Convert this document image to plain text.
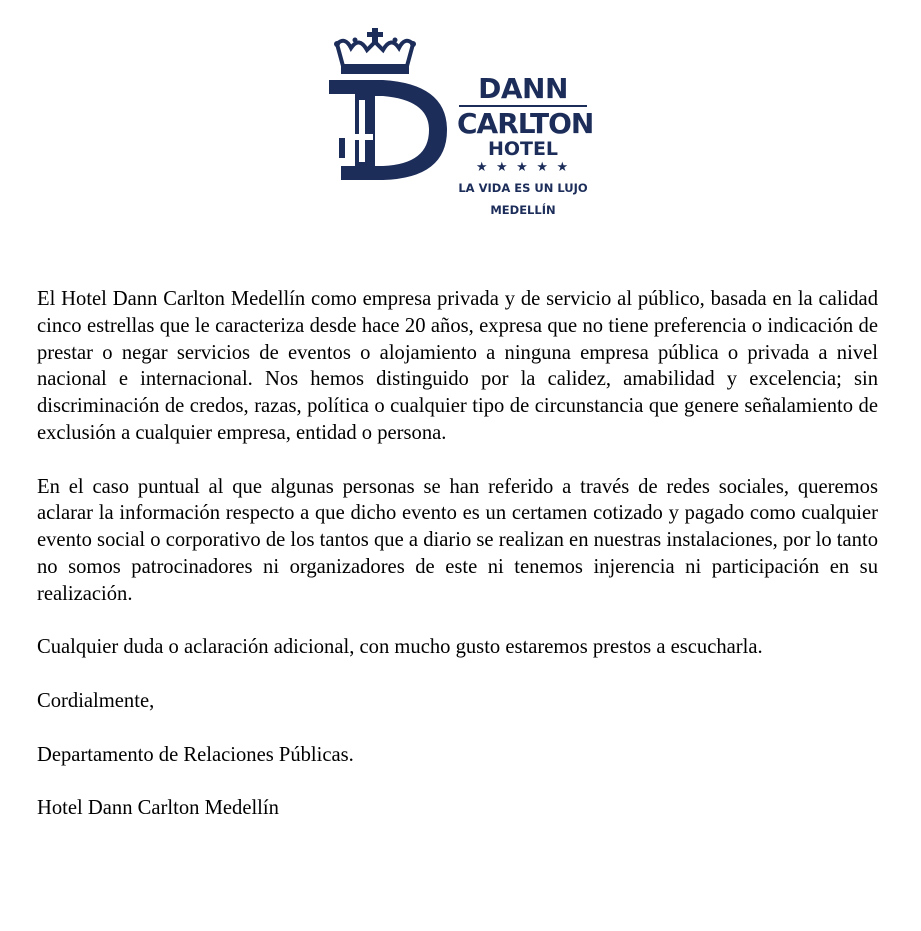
DANN
CARLTON
HOTEL
★ ★ ★ ★ ★
LA VIDA ES UN LUJO
MEDELLÍN

El Hotel Dann Carlton Medellín como empresa privada y de servicio al público, basada en la calidad cinco estrellas que le caracteriza desde hace 20 años, expresa que no tiene preferencia o indicación de prestar o negar servicios de eventos o alojamiento a ninguna empresa pública o privada a nivel nacional e internacional. Nos hemos distinguido por la calidez, amabilidad y excelencia; sin discriminación de credos, razas, política o cualquier tipo de circunstancia que genere señalamiento de exclusión a cualquier empresa, entidad o persona.

En el caso puntual al que algunas personas se han referido a través de redes sociales, queremos aclarar la información respecto a que dicho evento es un certamen cotizado y pagado como cualquier evento social o corporativo de los tantos que a diario se realizan en nuestras instalaciones, por lo tanto no somos patrocinadores ni organizadores de este ni tenemos injerencia ni participación en su realización.

Cualquier duda o aclaración adicional, con mucho gusto estaremos prestos a escucharla.

Cordialmente,

Departamento de Relaciones Públicas.

Hotel Dann Carlton Medellín
